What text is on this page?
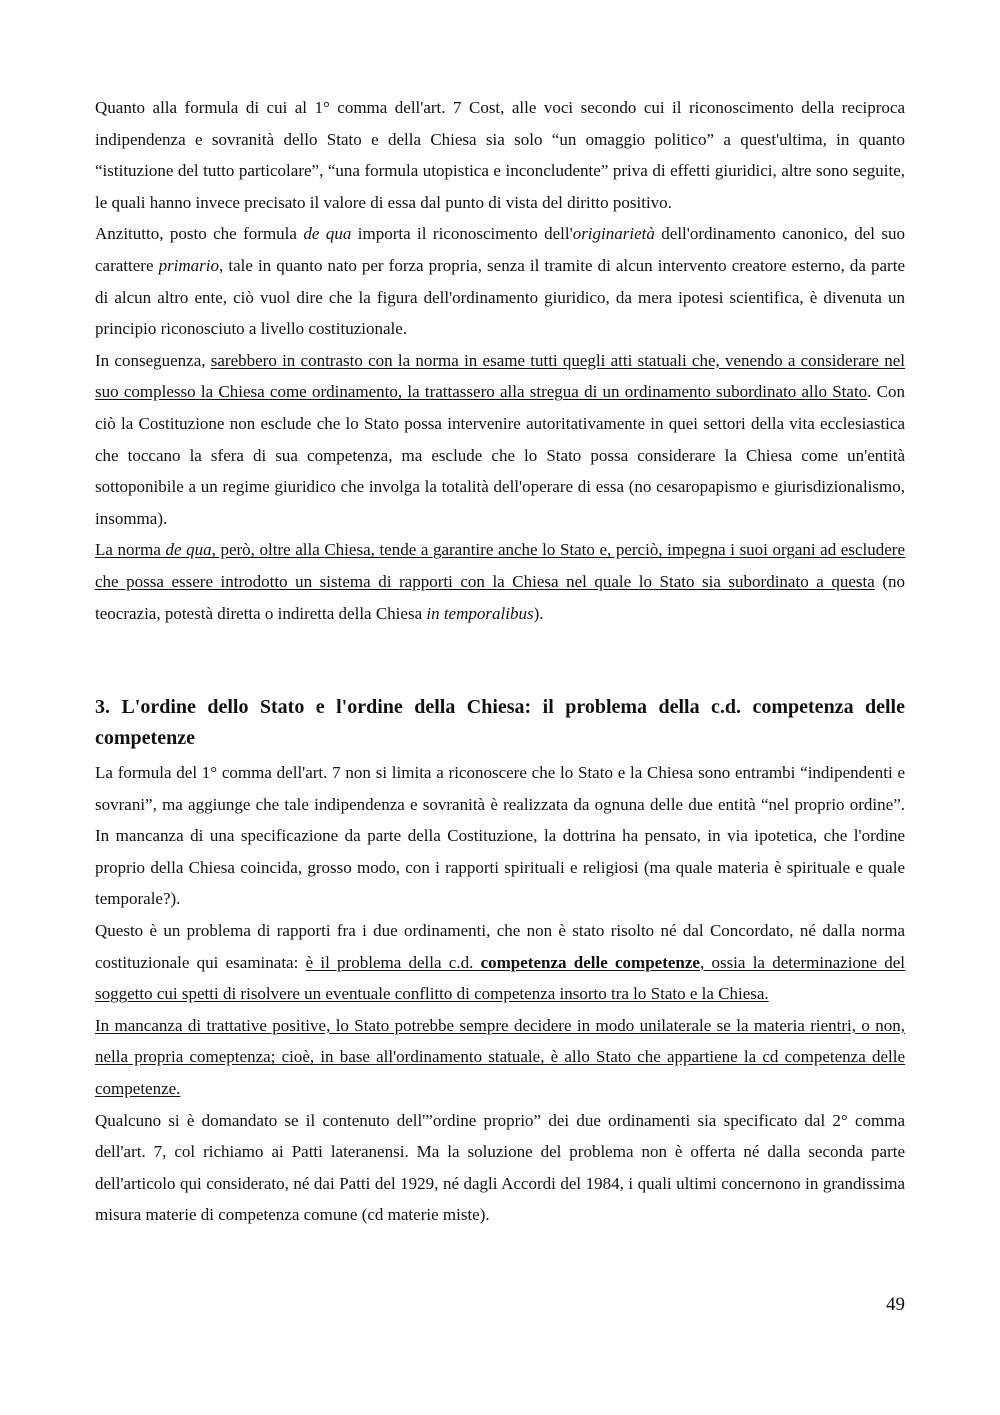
Quanto alla formula di cui al 1° comma dell'art. 7 Cost, alle voci secondo cui il riconoscimento della reciproca indipendenza e sovranità dello Stato e della Chiesa sia solo “un omaggio politico” a quest'ultima, in quanto “istituzione del tutto particolare”, “una formula utopistica e inconcludente” priva di effetti giuridici, altre sono seguite, le quali hanno invece precisato il valore di essa dal punto di vista del diritto positivo.

Anzitutto, posto che formula de qua importa il riconoscimento dell'originarietà dell'ordinamento canonico, del suo carattere primario, tale in quanto nato per forza propria, senza il tramite di alcun intervento creatore esterno, da parte di alcun altro ente, ciò vuol dire che la figura dell'ordinamento giuridico, da mera ipotesi scientifica, è divenuta un principio riconosciuto a livello costituzionale.

In conseguenza, sarebbero in contrasto con la norma in esame tutti quegli atti statuali che, venendo a considerare nel suo complesso la Chiesa come ordinamento, la trattassero alla stregua di un ordinamento subordinato allo Stato. Con ciò la Costituzione non esclude che lo Stato possa intervenire autoritativamente in quei settori della vita ecclesiastica che toccano la sfera di sua competenza, ma esclude che lo Stato possa considerare la Chiesa come un'entità sottoponibile a un regime giuridico che involga la totalità dell'operare di essa (no cesaropapismo e giurisdizionalismo, insomma).

La norma de qua, però, oltre alla Chiesa, tende a garantire anche lo Stato e, perciò, impegna i suoi organi ad escludere che possa essere introdotto un sistema di rapporti con la Chiesa nel quale lo Stato sia subordinato a questa (no teocrazia, potestà diretta o indiretta della Chiesa in temporalibus).

3. L'ordine dello Stato e l'ordine della Chiesa: il problema della c.d. competenza delle competenze

La formula del 1° comma dell'art. 7 non si limita a riconoscere che lo Stato e la Chiesa sono entrambi “indipendenti e sovrani”, ma aggiunge che tale indipendenza e sovranità è realizzata da ognuna delle due entità “nel proprio ordine”. In mancanza di una specificazione da parte della Costituzione, la dottrina ha pensato, in via ipotetica, che l'ordine proprio della Chiesa coincida, grosso modo, con i rapporti spirituali e religiosi (ma quale materia è spirituale e quale temporale?).

Questo è un problema di rapporti fra i due ordinamenti, che non è stato risolto né dal Concordato, né dalla norma costituzionale qui esaminata: è il problema della c.d. competenza delle competenze, ossia la determinazione del soggetto cui spetti di risolvere un eventuale conflitto di competenza insorto tra lo Stato e la Chiesa.

In mancanza di trattative positive, lo Stato potrebbe sempre decidere in modo unilaterale se la materia rientri, o non, nella propria comeptenza; cioè, in base all'ordinamento statuale, è allo Stato che appartiene la cd competenza delle competenze.

Qualcuno si è domandato se il contenuto dell'”ordine proprio” dei due ordinamenti sia specificato dal 2° comma dell'art. 7, col richiamo ai Patti lateranensi. Ma la soluzione del problema non è offerta né dalla seconda parte dell'articolo qui considerato, né dai Patti del 1929, né dagli Accordi del 1984, i quali ultimi concernono in grandissima misura materie di competenza comune (cd materie miste).

49
